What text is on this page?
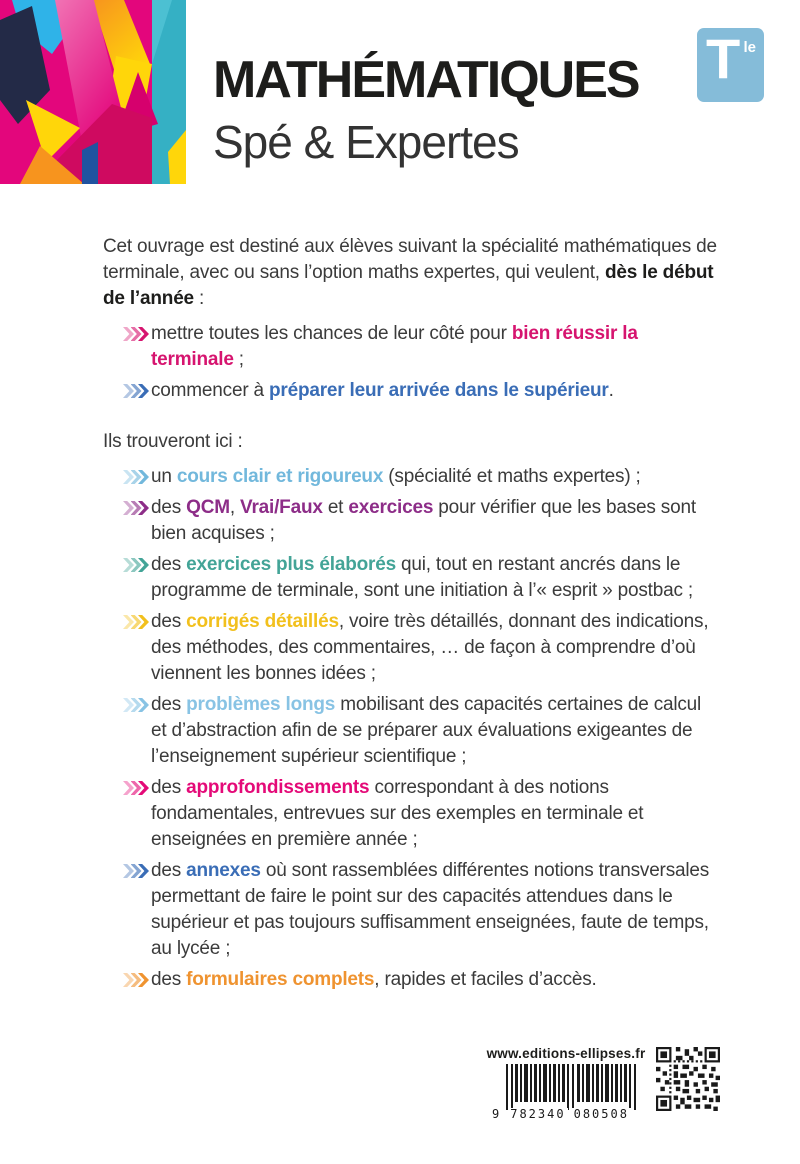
MATHÉMATIQUES
Spé & Expertes
T le

Cet ouvrage est destiné aux élèves suivant la spécialité mathématiques de terminale, avec ou sans l’option maths expertes, qui veulent, dès le début de l’année :

mettre toutes les chances de leur côté pour bien réussir la terminale ;
commencer à préparer leur arrivée dans le supérieur.

Ils trouveront ici :

un cours clair et rigoureux (spécialité et maths expertes) ;
des QCM, Vrai/Faux et exercices pour vérifier que les bases sont bien acquises ;
des exercices plus élaborés qui, tout en restant ancrés dans le programme de terminale, sont une initiation à l’« esprit » postbac ;
des corrigés détaillés, voire très détaillés, donnant des indications, des méthodes, des commentaires, … de façon à comprendre d’où viennent les bonnes idées ;
des problèmes longs mobilisant des capacités certaines de calcul et d’abstraction afin de se préparer aux évaluations exigeantes de l’enseignement supérieur scientifique ;
des approfondissements correspondant à des notions fondamentales, entrevues sur des exemples en terminale et enseignées en première année ;
des annexes où sont rassemblées différentes notions transversales permettant de faire le point sur des capacités attendues dans le supérieur et pas toujours suffisamment enseignées, faute de temps, au lycée ;
des formulaires complets, rapides et faciles d’accès.
www.editions-ellipses.fr
9 782340 080508
